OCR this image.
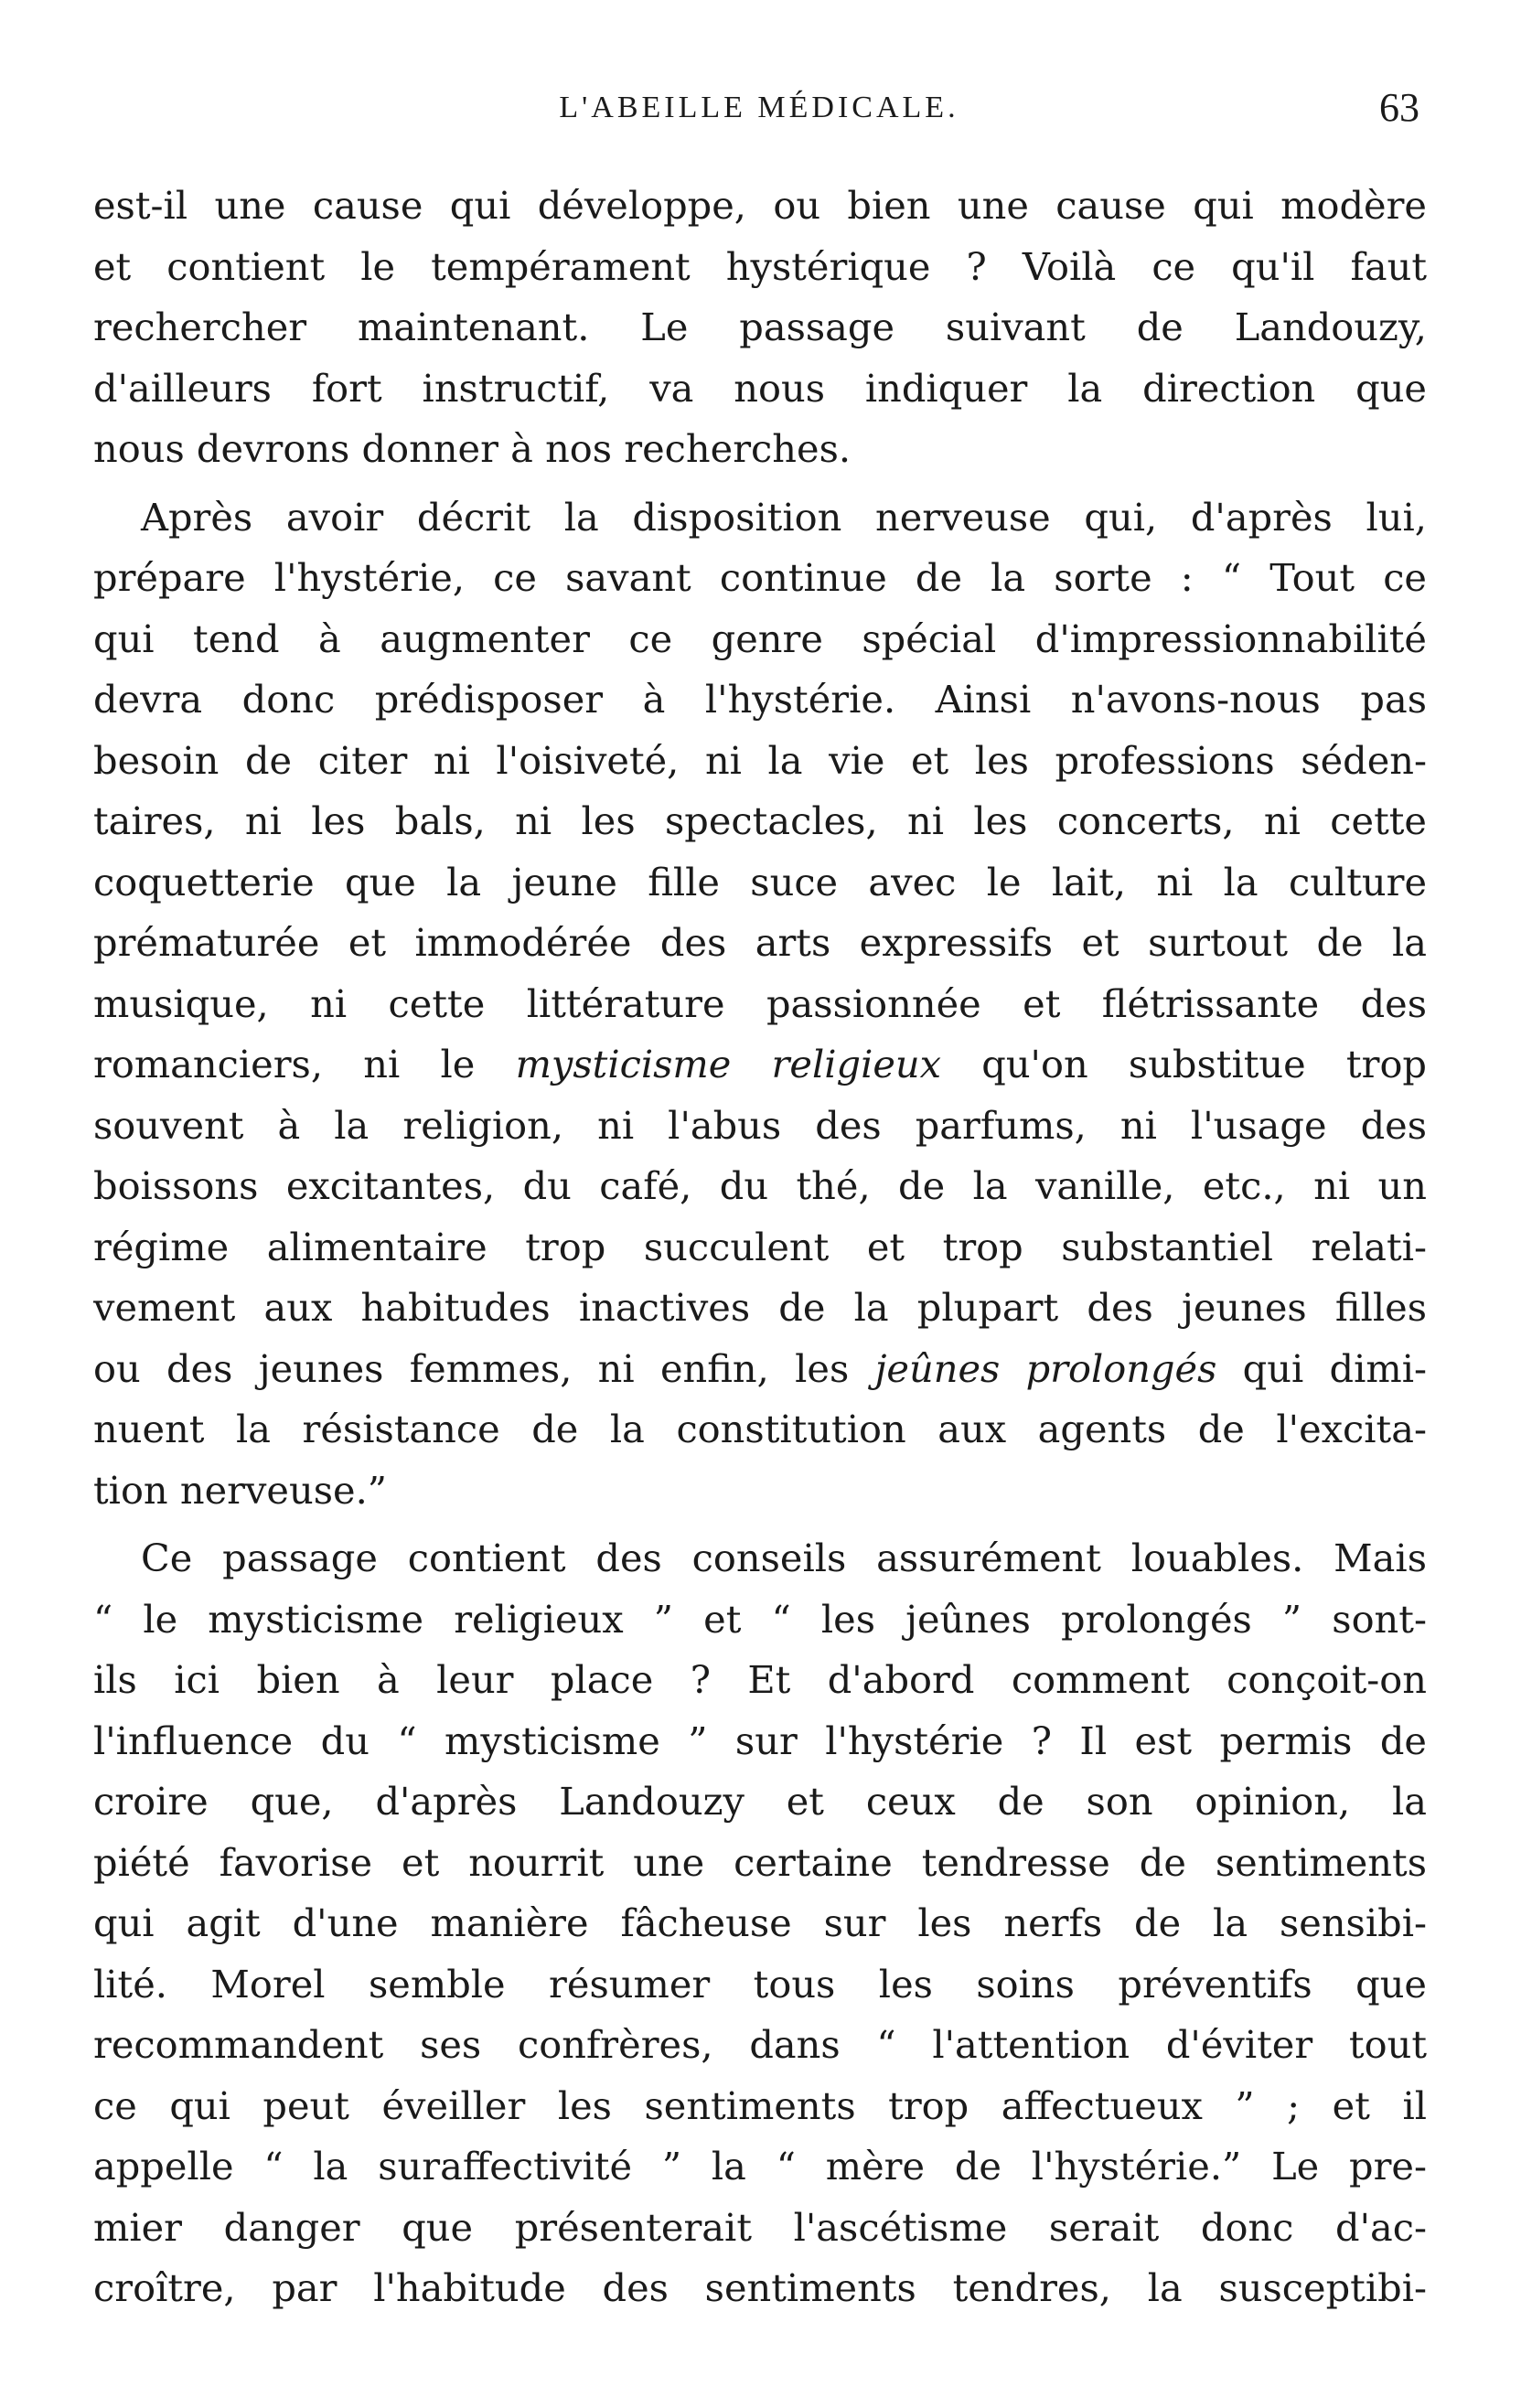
L'ABEILLE MÉDICALE.	63
est-il une cause qui développe, ou bien une cause qui modère
et contient le tempérament hystérique ? Voilà ce qu'il faut
rechercher maintenant. Le passage suivant de Landouzy,
d'ailleurs fort instructif, va nous indiquer la direction que
nous devrons donner à nos recherches.
Après avoir décrit la disposition nerveuse qui, d'après lui,
prépare l'hystérie, ce savant continue de la sorte : “ Tout ce
qui tend à augmenter ce genre spécial d'impressionnabilité
devra donc prédisposer à l'hystérie. Ainsi n'avons-nous pas
besoin de citer ni l'oisiveté, ni la vie et les professions séden-
taires, ni les bals, ni les spectacles, ni les concerts, ni cette
coquetterie que la jeune fille suce avec le lait, ni la culture
prématurée et immodérée des arts expressifs et surtout de la
musique, ni cette littérature passionnée et flétrissante des
romanciers, ni le mysticisme religieux qu'on substitue trop
souvent à la religion, ni l'abus des parfums, ni l'usage des
boissons excitantes, du café, du thé, de la vanille, etc., ni un
régime alimentaire trop succulent et trop substantiel relati-
vement aux habitudes inactives de la plupart des jeunes filles
ou des jeunes femmes, ni enfin, les jeûnes prolongés qui dimi-
nuent la résistance de la constitution aux agents de l'excita-
tion nerveuse.”
Ce passage contient des conseils assurément louables. Mais
“ le mysticisme religieux ” et “ les jeûnes prolongés ” sont-
ils ici bien à leur place ? Et d'abord comment conçoit-on
l'influence du “ mysticisme ” sur l'hystérie ? Il est permis de
croire que, d'après Landouzy et ceux de son opinion, la
piété favorise et nourrit une certaine tendresse de sentiments
qui agit d'une manière fâcheuse sur les nerfs de la sensibi-
lité. Morel semble résumer tous les soins préventifs que
recommandent ses confrères, dans “ l'attention d'éviter tout
ce qui peut éveiller les sentiments trop affectueux ” ; et il
appelle “ la suraffectivité ” la “ mère de l'hystérie.” Le pre-
mier danger que présenterait l'ascétisme serait donc d'ac-
croître, par l'habitude des sentiments tendres, la susceptibi-
